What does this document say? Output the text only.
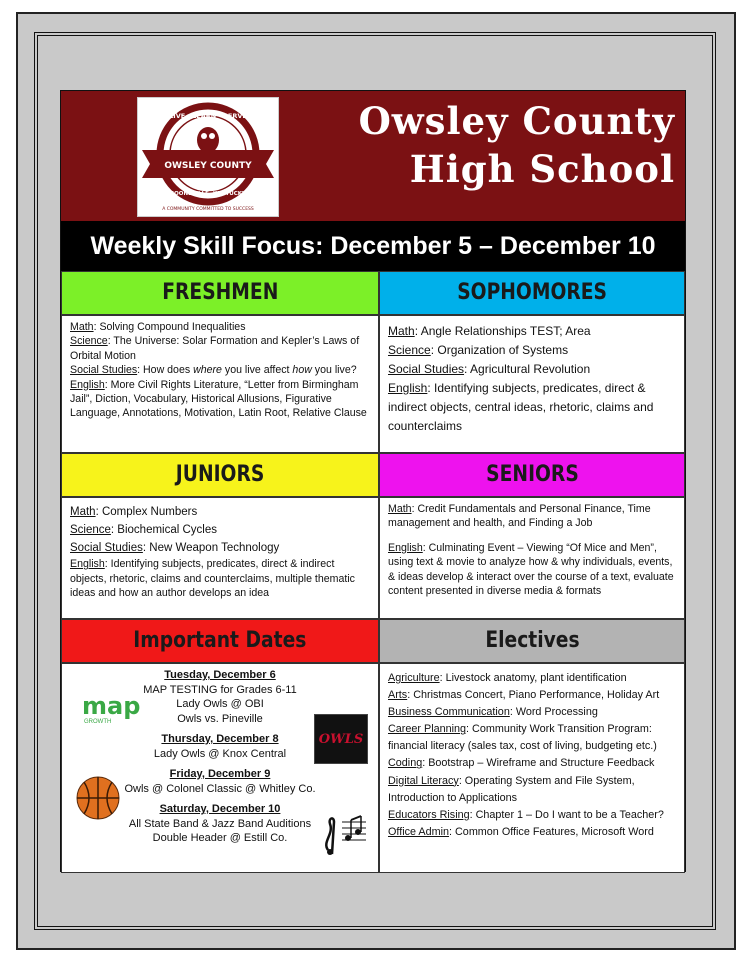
OWSLEY COUNTY
LIVE · LEARN · SERVE
BOONEVILLE, KENTUCKY
A COMMUNITY COMMITTED TO SUCCESS
Owsley County
High School
Weekly Skill Focus: December 5 – December 10
FRESHMEN

Math: Solving Compound Inequalities

Science: The Universe: Solar Formation and Kepler’s Laws of Orbital Motion

Social Studies: How does where you live affect how you live?

English: More Civil Rights Literature, “Letter from Birmingham Jail”, Diction, Vocabulary, Historical Allusions, Figurative Language, Annotations, Motivation, Latin Root, Relative Clause

SOPHOMORES

Math: Angle Relationships TEST; Area

Science: Organization of Systems

Social Studies: Agricultural Revolution

English: Identifying subjects, predicates, direct & indirect objects, central ideas, rhetoric, claims and counterclaims

JUNIORS

Math: Complex Numbers

Science: Biochemical Cycles

Social Studies: New Weapon Technology

English: Identifying subjects, predicates, direct & indirect objects, rhetoric, claims and counterclaims, multiple thematic ideas and how an author develops an idea

SENIORS

Math: Credit Fundamentals and Personal Finance, Time management and health, and Finding a Job

English: Culminating Event – Viewing “Of Mice and Men”, using text & movie to analyze how & why individuals, events, & ideas develop & interact over the course of a text, evaluate content presented in diverse media & formats

Important Dates
Tuesday, December 6
MAP TESTING for Grades 6-11
Lady Owls @ OBI
Owls vs. Pineville
Thursday, December 8
Lady Owls @ Knox Central
Friday, December 9
Owls @ Colonel Classic @ Whitley Co.
Saturday, December 10
All State Band & Jazz Band Auditions
Double Header @ Estill Co.
map
GROWTH
OWLS
Electives

Agriculture: Livestock anatomy, plant identification

Arts: Christmas Concert, Piano Performance, Holiday Art

Business Communication: Word Processing

Career Planning: Community Work Transition Program: financial literacy (sales tax, cost of living, budgeting etc.)

Coding: Bootstrap – Wireframe and Structure Feedback

Digital Literacy: Operating System and File System, Introduction to Applications

Educators Rising: Chapter 1 – Do I want to be a Teacher?

Office Admin: Common Office Features, Microsoft Word
